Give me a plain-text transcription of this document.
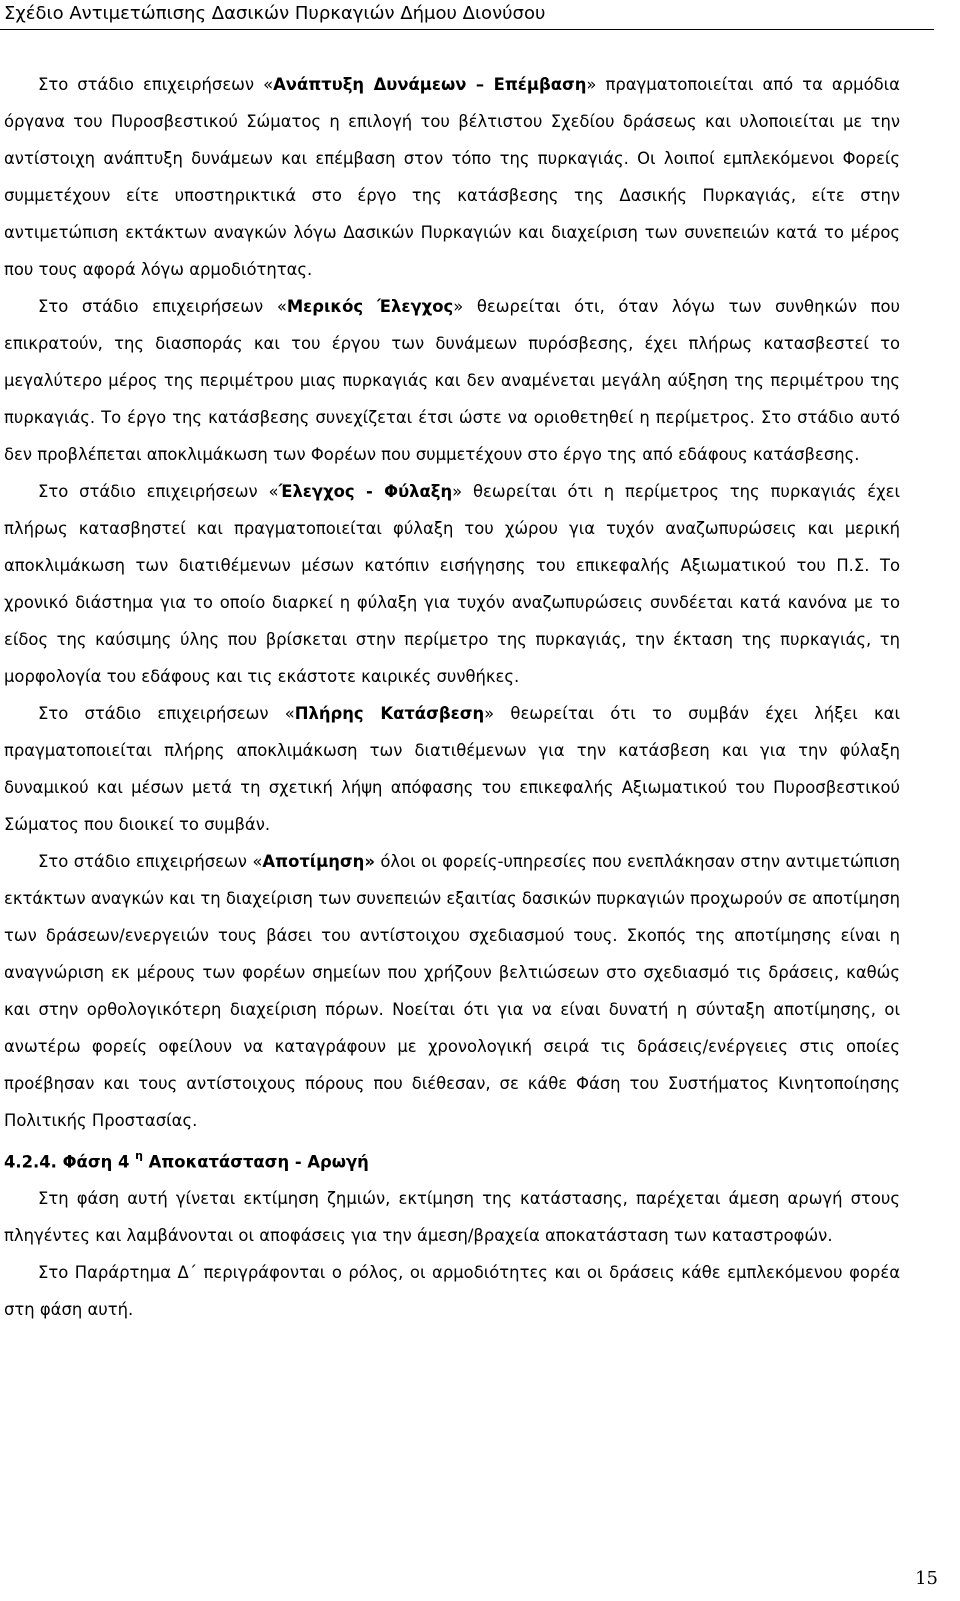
Σχέδιο Αντιμετώπισης Δασικών Πυρκαγιών Δήμου Διονύσου

Στο στάδιο επιχειρήσεων «Ανάπτυξη Δυνάμεων – Επέμβαση» πραγματοποιείται από τα αρμόδια όργανα του Πυροσβεστικού Σώματος η επιλογή του βέλτιστου Σχεδίου δράσεως και υλοποιείται με την αντίστοιχη ανάπτυξη δυνάμεων και επέμβαση στον τόπο της πυρκαγιάς. Οι λοιποί εμπλεκόμενοι Φορείς συμμετέχουν είτε υποστηρικτικά στο έργο της κατάσβεσης της Δασικής Πυρκαγιάς, είτε στην αντιμετώπιση εκτάκτων αναγκών λόγω Δασικών Πυρκαγιών και διαχείριση των συνεπειών κατά το μέρος που τους αφορά λόγω αρμοδιότητας.

Στο στάδιο επιχειρήσεων «Μερικός Έλεγχος» θεωρείται ότι, όταν λόγω των συνθηκών που επικρατούν, της διασποράς και του έργου των δυνάμεων πυρόσβεσης, έχει πλήρως κατασβεστεί το μεγαλύτερο μέρος της περιμέτρου μιας πυρκαγιάς και δεν αναμένεται μεγάλη αύξηση της περιμέτρου της πυρκαγιάς. Το έργο της κατάσβεσης συνεχίζεται έτσι ώστε να οριοθετηθεί η περίμετρος. Στο στάδιο αυτό δεν προβλέπεται αποκλιμάκωση των Φορέων που συμμετέχουν στο έργο της από εδάφους κατάσβεσης.

Στο στάδιο επιχειρήσεων «Έλεγχος - Φύλαξη» θεωρείται ότι η περίμετρος της πυρκαγιάς έχει πλήρως κατασβηστεί και πραγματοποιείται φύλαξη του χώρου για τυχόν αναζωπυρώσεις και μερική αποκλιμάκωση των διατιθέμενων μέσων κατόπιν εισήγησης του επικεφαλής Αξιωματικού του Π.Σ. Το χρονικό διάστημα για το οποίο διαρκεί η φύλαξη για τυχόν αναζωπυρώσεις συνδέεται κατά κανόνα με το είδος της καύσιμης ύλης που βρίσκεται στην περίμετρο της πυρκαγιάς, την έκταση της πυρκαγιάς, τη μορφολογία του εδάφους και τις εκάστοτε καιρικές συνθήκες.

Στο στάδιο επιχειρήσεων «Πλήρης Κατάσβεση» θεωρείται ότι το συμβάν έχει λήξει και πραγματοποιείται πλήρης αποκλιμάκωση των διατιθέμενων για την κατάσβεση και για την φύλαξη δυναμικού και μέσων μετά τη σχετική λήψη απόφασης του επικεφαλής Αξιωματικού του Πυροσβεστικού Σώματος που διοικεί το συμβάν.

Στο στάδιο επιχειρήσεων «Αποτίμηση» όλοι οι φορείς-υπηρεσίες που ενεπλάκησαν στην αντιμετώπιση εκτάκτων αναγκών και τη διαχείριση των συνεπειών εξαιτίας δασικών πυρκαγιών προχωρούν σε αποτίμηση των δράσεων/ενεργειών τους βάσει του αντίστοιχου σχεδιασμού τους. Σκοπός της αποτίμησης είναι η αναγνώριση εκ μέρους των φορέων σημείων που χρήζουν βελτιώσεων στο σχεδιασμό τις δράσεις, καθώς και στην ορθολογικότερη διαχείριση πόρων. Νοείται ότι για να είναι δυνατή η σύνταξη αποτίμησης, οι ανωτέρω φορείς οφείλουν να καταγράφουν με χρονολογική σειρά τις δράσεις/ενέργειες στις οποίες προέβησαν και τους αντίστοιχους πόρους που διέθεσαν, σε κάθε Φάση του Συστήματος Κινητοποίησης Πολιτικής Προστασίας.

4.2.4. Φάση 4 $^\eta$ Αποκατάσταση - Αρωγή

Στη φάση αυτή γίνεται εκτίμηση ζημιών, εκτίμηση της κατάστασης, παρέχεται άμεση αρωγή στους πληγέντες και λαμβάνονται οι αποφάσεις για την άμεση/βραχεία αποκατάσταση των καταστροφών.

Στο Παράρτημα Δ΄ περιγράφονται ο ρόλος, οι αρμοδιότητες και οι δράσεις κάθε εμπλεκόμενου φορέα στη φάση αυτή.

15
